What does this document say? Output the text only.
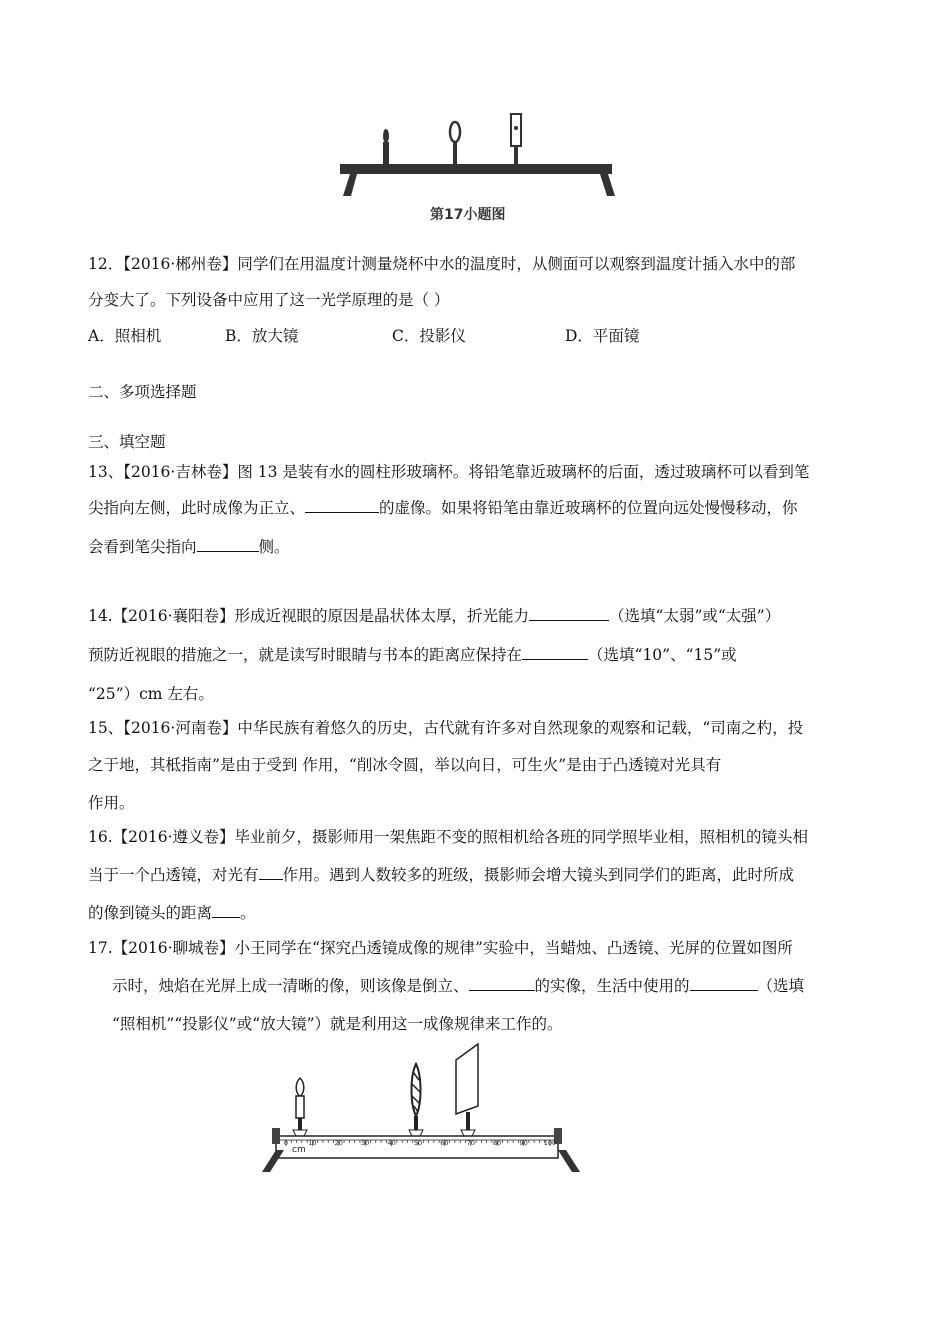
第17小题图
12．【2016·郴州卷】同学们在用温度计测量烧杯中水的温度时，从侧面可以观察到温度计插入水中的部
分变大了。下列设备中应用了这一光学原理的是（ ）
A．照相机	B．放大镜	C．投影仪	D．平面镜
二、多项选择题
三、填空题
13、【2016·吉林卷】图 13 是装有水的圆柱形玻璃杯。将铅笔靠近玻璃杯的后面，透过玻璃杯可以看到笔
尖指向左侧，此时成像为正立、	的虚像。如果将铅笔由靠近玻璃杯的位置向远处慢慢移动，你
会看到笔尖指向	侧。
14.【2016·襄阳卷】形成近视眼的原因是晶状体太厚，折光能力	（选填“太弱”或“太强”）
预防近视眼的措施之一，就是读写时眼睛与书本的距离应保持在	（选填“10”、“15”或
“25”）cm 左右。
15、【2016·河南卷】中华民族有着悠久的历史，古代就有许多对自然现象的观察和记载，“司南之杓，投
之于地，其柢指南”是由于受到 作用，“削冰令圆，举以向日，可生火”是由于凸透镜对光具有
作用。
16.【2016·遵义卷】毕业前夕，摄影师用一架焦距不变的照相机给各班的同学照毕业相，照相机的镜头相
当于一个凸透镜，对光有 作用。遇到人数较多的班级，摄影师会增大镜头到同学们的距离，此时所成
的像到镜头的距离 。
17.【2016·聊城卷】小王同学在“探究凸透镜成像的规律”实验中，当蜡烛、凸透镜、光屏的位置如图所
示时，烛焰在光屏上成一清晰的像，则该像是倒立、	的实像，生活中使用的	（选填
“照相机”“投影仪”或“放大镜”）就是利用这一成像规律来工作的。
0	10	20	30	40	50	60	70	80	90 100
cm
